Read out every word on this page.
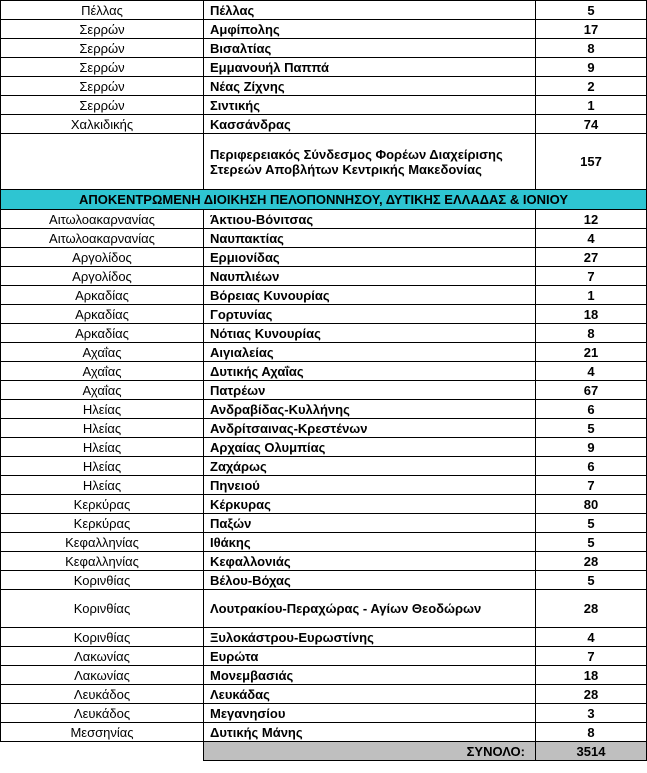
Πέλλας	Πέλλας	5
Σερρών	Αμφίπολης	17
Σερρών	Βισαλτίας	8
Σερρών	Εμμανουήλ Παππά	9
Σερρών	Νέας Ζίχνης	2
Σερρών	Σιντικής	1
Χαλκιδικής	Κασσάνδρας	74
	Περιφερειακός Σύνδεσμος Φορέων Διαχείρισης Στερεών Αποβλήτων Κεντρικής Μακεδονίας	157
ΑΠΟΚΕΝΤΡΩΜΕΝΗ ΔΙΟΙΚΗΣΗ ΠΕΛΟΠΟΝΝΗΣΟΥ, ΔΥΤΙΚΗΣ ΕΛΛΑΔΑΣ & ΙΟΝΙΟΥ		
Αιτωλοακαρνανίας	Άκτιου-Βόνιτσας	12
Αιτωλοακαρνανίας	Ναυπακτίας	4
Αργολίδος	Ερμιονίδας	27
Αργολίδος	Ναυπλιέων	7
Αρκαδίας	Βόρειας Κυνουρίας	1
Αρκαδίας	Γορτυνίας	18
Αρκαδίας	Νότιας Κυνουρίας	8
Αχαΐας	Αιγιαλείας	21
Αχαΐας	Δυτικής Αχαΐας	4
Αχαΐας	Πατρέων	67
Ηλείας	Ανδραβίδας-Κυλλήνης	6
Ηλείας	Ανδρίτσαινας-Κρεστένων	5
Ηλείας	Αρχαίας Ολυμπίας	9
Ηλείας	Ζαχάρως	6
Ηλείας	Πηνειού	7
Κερκύρας	Κέρκυρας	80
Κερκύρας	Παξών	5
Κεφαλληνίας	Ιθάκης	5
Κεφαλληνίας	Κεφαλλονιάς	28
Κορινθίας	Βέλου-Βόχας	5
Κορινθίας	Λουτρακίου-Περαχώρας - Αγίων Θεοδώρων	28
Κορινθίας	Ξυλοκάστρου-Ευρωστίνης	4
Λακωνίας	Ευρώτα	7
Λακωνίας	Μονεμβασιάς	18
Λευκάδος	Λευκάδας	28
Λευκάδος	Μεγανησίου	3
Μεσσηνίας	Δυτικής Μάνης	8
	ΣΥΝΟΛΟ:	3514
